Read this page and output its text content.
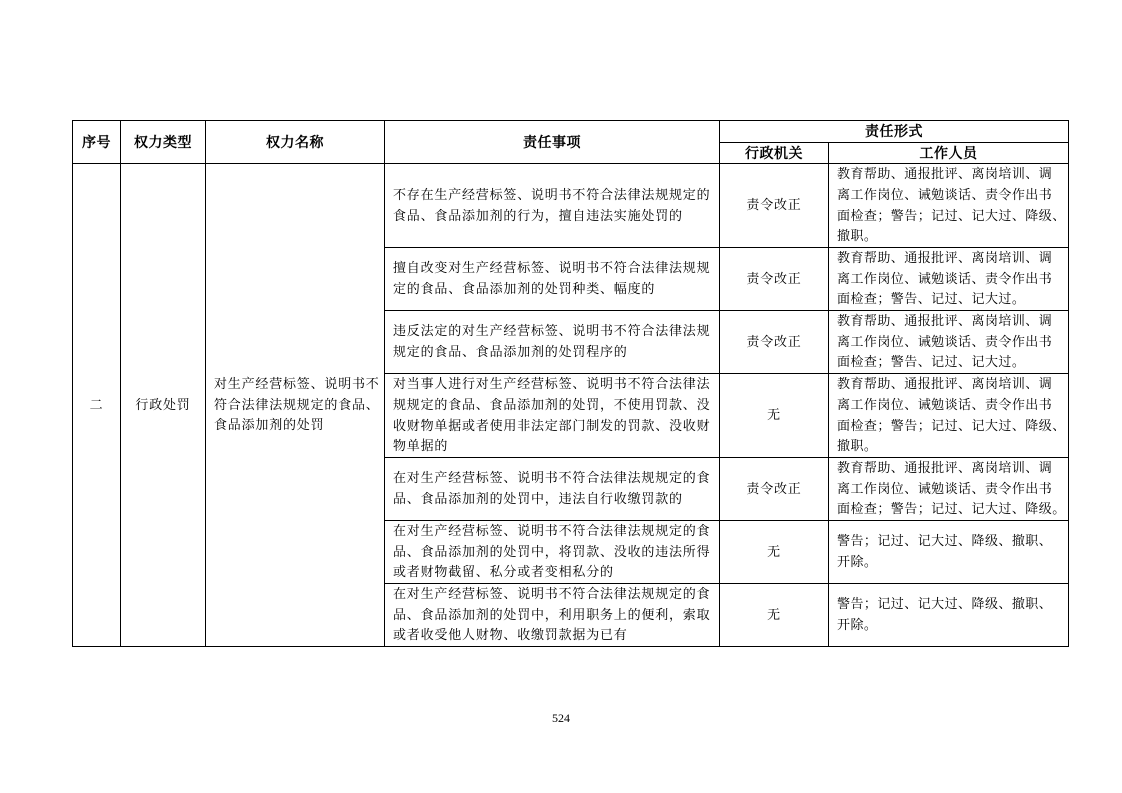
序号	权力类型	权力名称	责任事项	责任形式	
				行政机关	工作人员
二	行政处罚	对生产经营标签、说明书不
符合法律法规规定的食品、
食品添加剂的处罚	不存在生产经营标签、说明书不符合法律法规规定的
食品、食品添加剂的行为，擅自违法实施处罚的	责令改正	教育帮助、通报批评、离岗培训、调
离工作岗位、诫勉谈话、责令作出书
面检查；警告；记过、记大过、降级、
撤职。
			擅自改变对生产经营标签、说明书不符合法律法规规
定的食品、食品添加剂的处罚种类、幅度的	责令改正	教育帮助、通报批评、离岗培训、调
离工作岗位、诫勉谈话、责令作出书
面检查；警告、记过、记大过。
			违反法定的对生产经营标签、说明书不符合法律法规
规定的食品、食品添加剂的处罚程序的	责令改正	教育帮助、通报批评、离岗培训、调
离工作岗位、诫勉谈话、责令作出书
面检查；警告、记过、记大过。
			对当事人进行对生产经营标签、说明书不符合法律法
规规定的食品、食品添加剂的处罚，不使用罚款、没
收财物单据或者使用非法定部门制发的罚款、没收财
物单据的	无	教育帮助、通报批评、离岗培训、调
离工作岗位、诫勉谈话、责令作出书
面检查；警告；记过、记大过、降级、
撤职。
			在对生产经营标签、说明书不符合法律法规规定的食
品、食品添加剂的处罚中，违法自行收缴罚款的	责令改正	教育帮助、通报批评、离岗培训、调
离工作岗位、诫勉谈话、责令作出书
面检查；警告；记过、记大过、降级。
			在对生产经营标签、说明书不符合法律法规规定的食
品、食品添加剂的处罚中，将罚款、没收的违法所得
或者财物截留、私分或者变相私分的	无	警告；记过、记大过、降级、撤职、
开除。
			在对生产经营标签、说明书不符合法律法规规定的食
品、食品添加剂的处罚中，利用职务上的便利，索取
或者收受他人财物、收缴罚款据为已有	无	警告；记过、记大过、降级、撤职、
开除。
524
